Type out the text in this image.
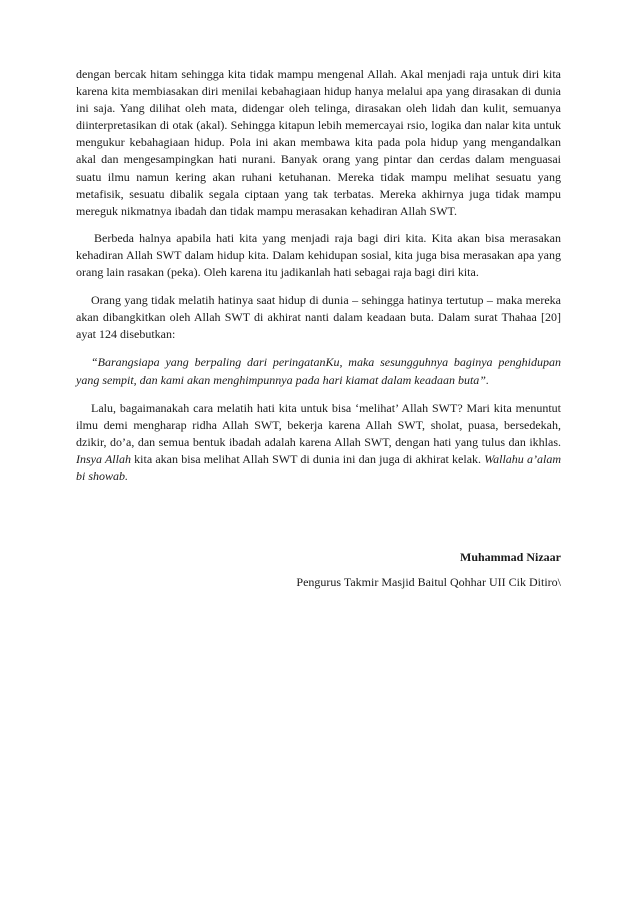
dengan bercak hitam sehingga kita tidak mampu mengenal Allah. Akal menjadi raja untuk diri kita karena kita membiasakan diri menilai kebahagiaan hidup hanya melalui apa yang dirasakan di dunia ini saja. Yang dilihat oleh mata, didengar oleh telinga, dirasakan oleh lidah dan kulit, semuanya diinterpretasikan di otak (akal). Sehingga kitapun lebih memercayai rsio, logika dan nalar kita untuk mengukur kebahagiaan hidup. Pola ini akan membawa kita pada pola hidup yang mengandalkan akal dan mengesampingkan hati nurani. Banyak orang yang pintar dan cerdas dalam menguasai suatu ilmu namun kering akan ruhani ketuhanan. Mereka tidak mampu melihat sesuatu yang metafisik, sesuatu dibalik segala ciptaan yang tak terbatas. Mereka akhirnya juga tidak mampu mereguk nikmatnya ibadah dan tidak mampu merasakan kehadiran Allah SWT.

Berbeda halnya apabila hati kita yang menjadi raja bagi diri kita. Kita akan bisa merasakan kehadiran Allah SWT dalam hidup kita. Dalam kehidupan sosial, kita juga bisa merasakan apa yang orang lain rasakan (peka). Oleh karena itu jadikanlah hati sebagai raja bagi diri kita.

Orang yang tidak melatih hatinya saat hidup di dunia – sehingga hatinya tertutup – maka mereka akan dibangkitkan oleh Allah SWT di akhirat nanti dalam keadaan buta. Dalam surat Thahaa [20] ayat 124 disebutkan:

“Barangsiapa yang berpaling dari peringatanKu, maka sesungguhnya baginya penghidupan yang sempit, dan kami akan menghimpunnya pada hari kiamat dalam keadaan buta”.

Lalu, bagaimanakah cara melatih hati kita untuk bisa ‘melihat’ Allah SWT? Mari kita menuntut ilmu demi mengharap ridha Allah SWT, bekerja karena Allah SWT, sholat, puasa, bersedekah, dzikir, do’a, dan semua bentuk ibadah adalah karena Allah SWT, dengan hati yang tulus dan ikhlas. Insya Allah kita akan bisa melihat Allah SWT di dunia ini dan juga di akhirat kelak. Wallahu a’alam bi showab.

Muhammad Nizaar
Pengurus Takmir Masjid Baitul Qohhar UII Cik Ditiro\
